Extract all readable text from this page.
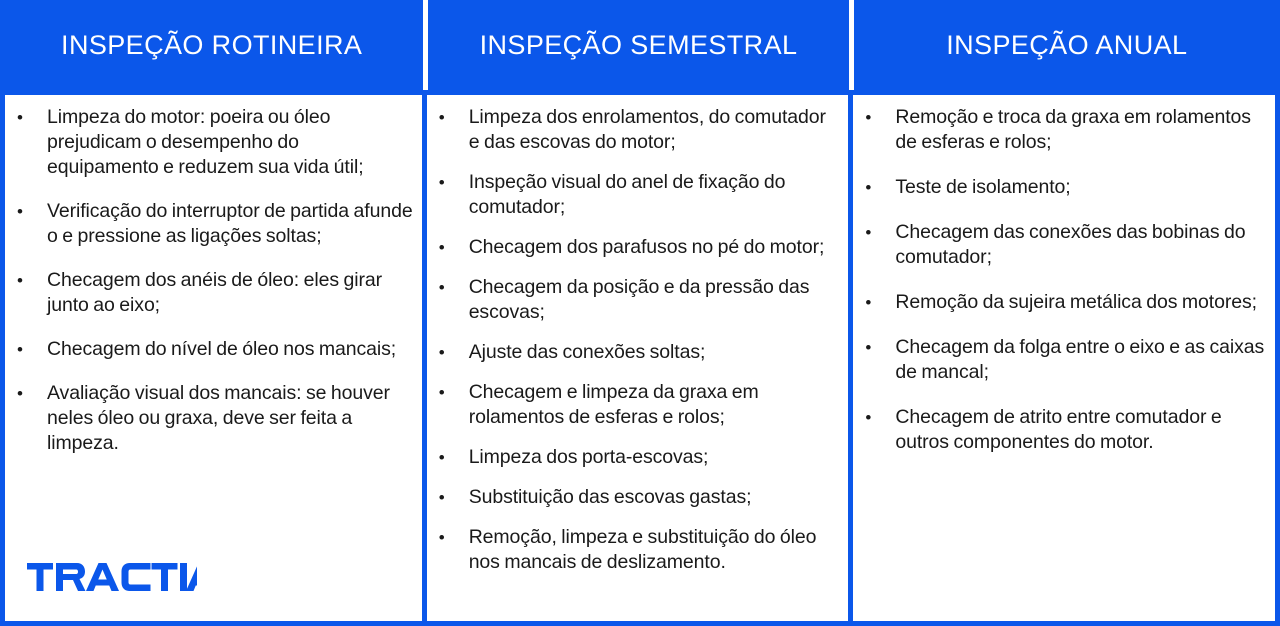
INSPEÇÃO ROTINEIRA	INSPEÇÃO SEMESTRAL	INSPEÇÃO ANUAL
• Limpeza do motor: poeira ou óleo prejudicam o desempenho do equipamento e reduzem sua vida útil;
• Verificação do interruptor de partida afunde o e pressione as ligações soltas;
• Checagem dos anéis de óleo: eles girar junto ao eixo;
• Checagem do nível de óleo nos mancais;
• Avaliação visual dos mancais: se houver neles óleo ou graxa, deve ser feita a limpeza.
• Limpeza dos enrolamentos, do comutador e das escovas do motor;
• Inspeção visual do anel de fixação do comutador;
• Checagem dos parafusos no pé do motor;
• Checagem da posição e da pressão das escovas;
• Ajuste das conexões soltas;
• Checagem e limpeza da graxa em rolamentos de esferas e rolos;
• Limpeza dos porta-escovas;
• Substituição das escovas gastas;
• Remoção, limpeza e substituição do óleo nos mancais de deslizamento.
• Remoção e troca da graxa em rolamentos de esferas e rolos;
• Teste de isolamento;
• Checagem das conexões das bobinas do comutador;
• Remoção da sujeira metálica dos motores;
• Checagem da folga entre o eixo e as caixas de mancal;
• Checagem de atrito entre comutador e outros componentes do motor.
